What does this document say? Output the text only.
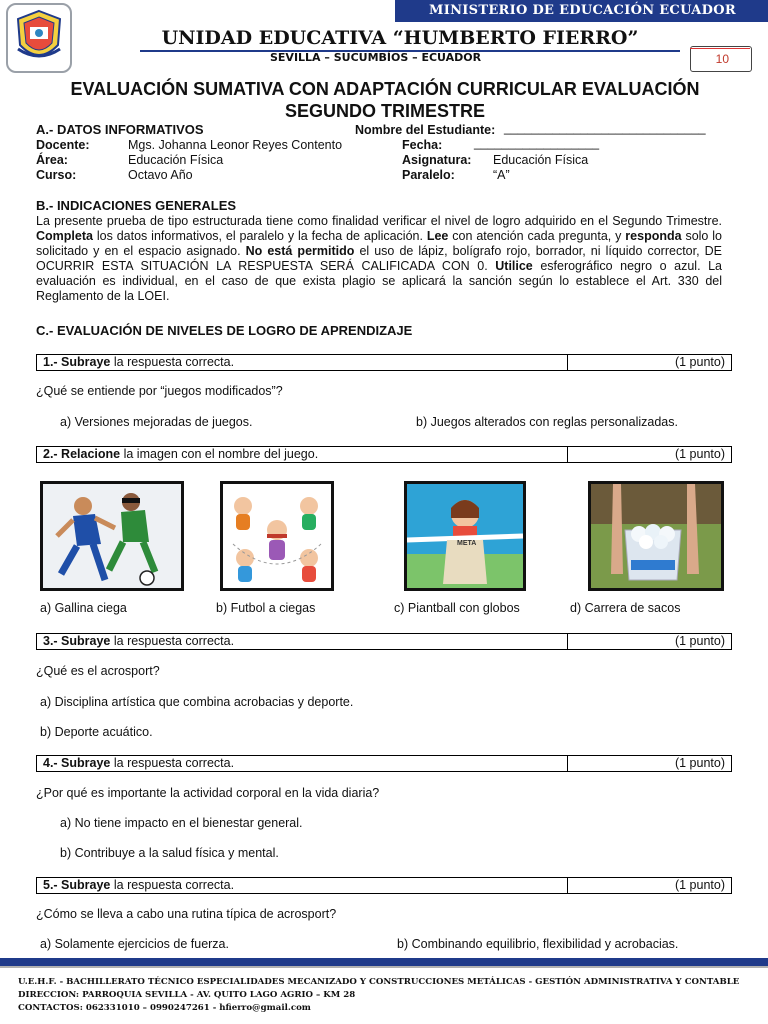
MINISTERIO DE EDUCACIÓN ECUADOR
UNIDAD EDUCATIVA “HUMBERTO FIERRO”
SEVILLA – SUCUMBÍOS – ECUADOR	10
EVALUACIÓN SUMATIVA CON ADAPTACIÓN CURRICULAR EVALUACIÓN
SEGUNDO TRIMESTRE
A.- DATOS INFORMATIVOS	Nombre del Estudiante: _____________________________
Docente:	Mgs. Johanna Leonor Reyes Contento	Fecha:	__________________
Área:	Educación Física	Asignatura: Educación Física
Curso:	Octavo Año	Paralelo:	“A”
B.- INDICACIONES GENERALES
La presente prueba de tipo estructurada tiene como finalidad verificar el nivel de logro adquirido en el Segundo Trimestre. Completa los datos informativos, el paralelo y la fecha de aplicación. Lee con atención cada pregunta, y responda solo lo solicitado y en el espacio asignado. No está permitido el uso de lápiz, bolígrafo rojo, borrador, ni líquido corrector, DE OCURRIR ESTA SITUACIÓN LA RESPUESTA SERÁ CALIFICADA CON 0. Utilice esferográfico negro o azul. La evaluación es individual, en el caso de que exista plagio se aplicará la sanción según lo establece el Art. 330 del Reglamento de la LOEI.
C.- EVALUACIÓN DE NIVELES DE LOGRO DE APRENDIZAJE
1.- Subraye la respuesta correcta.	(1 punto)
¿Qué se entiende por “juegos modificados”?
a) Versiones mejoradas de juegos.	b) Juegos alterados con reglas personalizadas.
2.- Relacione la imagen con el nombre del juego.	(1 punto)
META
a) Gallina ciega	b) Futbol a ciegas	c) Piantball con globos	d) Carrera de sacos
3.- Subraye la respuesta correcta.	(1 punto)
¿Qué es el acrosport?
a) Disciplina artística que combina acrobacias y deporte.
b) Deporte acuático.
4.- Subraye la respuesta correcta.	(1 punto)
¿Por qué es importante la actividad corporal en la vida diaria?
a) No tiene impacto en el bienestar general.
b) Contribuye a la salud física y mental.
5.- Subraye la respuesta correcta.	(1 punto)
¿Cómo se lleva a cabo una rutina típica de acrosport?
a) Solamente ejercicios de fuerza.	b) Combinando equilibrio, flexibilidad y acrobacias.
U.E.H.F. - BACHILLERATO TÉCNICO ESPECIALIDADES MECANIZADO Y CONSTRUCCIONES METÁLICAS - GESTIÓN ADMINISTRATIVA Y CONTABLE
DIRECCION: PARROQUIA SEVILLA - AV. QUITO LAGO AGRIO – KM 28
CONTACTOS: 062331010 – 0990247261 - hfierro@gmail.com
